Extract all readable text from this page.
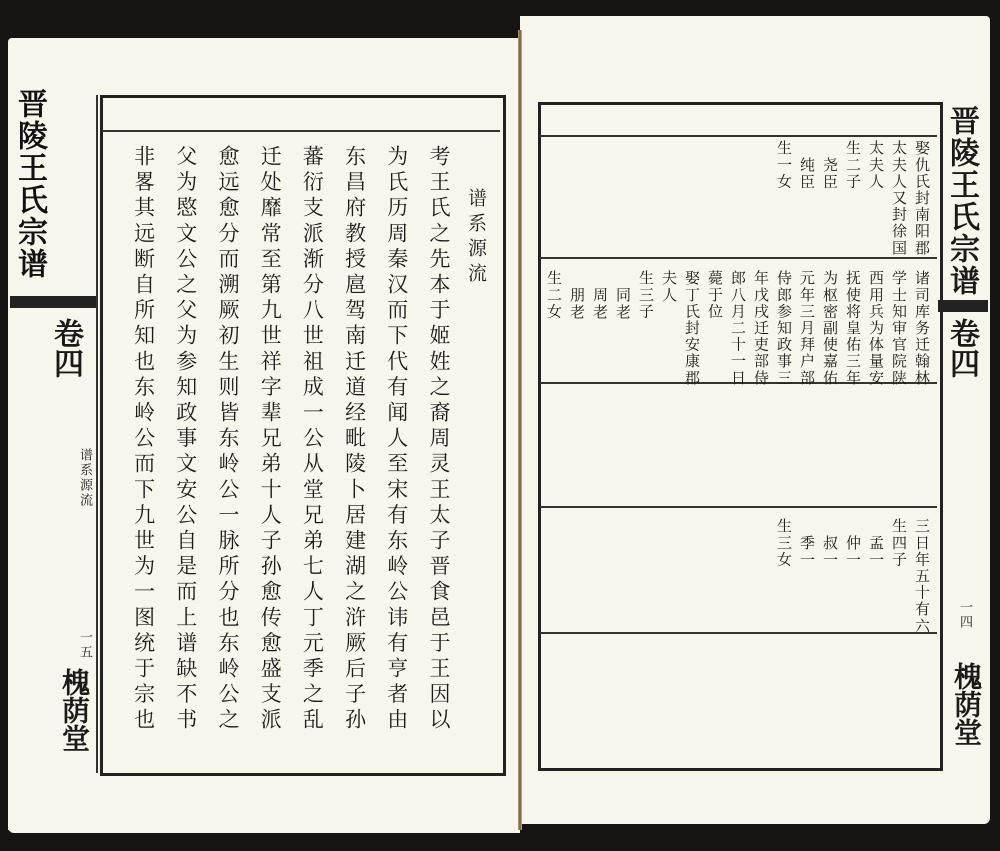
晋陵王氏宗谱
卷四
谱系源流
一五
槐荫堂
谱系源流
考王氏之先本于姬姓之裔周灵王太子晋食邑于王因以
为氏历周秦汉而下代有闻人至宋有东岭公讳有亨者由
东昌府教授扈驾南迁道经毗陵卜居建湖之浒厥后子孙
蕃衍支派渐分八世祖成一公从堂兄弟七人丁元季之乱
迁处靡常至第九世祥字辈兄弟十人子孙愈传愈盛支派
愈远愈分而溯厥初生则皆东岭公一脉所分也东岭公之
父为愍文公之父为参知政事文安公自是而上谱缺不书
非畧其远断自所知也东岭公而下九世为一图统于宗也	娶仇氏封南阳郡
太夫人又封徐国
太夫人
生二子
尧臣
纯臣
生一女
诸司库务迁翰林
学士知审官院陕
西用兵为体量安
抚使将皇佑三年
为枢密副使嘉佑
元年三月拜户部
侍郎参知政事三
年戊戌迁吏部侍
郎八月二十一日
薨于位
娶丁氏封安康郡
夫人
生三子
同老
周老
朋老
生二女
三日年五十有六
生四子
孟一
仲一
叔一
季一
生三女
晋陵王氏宗谱
卷四
一四
槐荫堂
